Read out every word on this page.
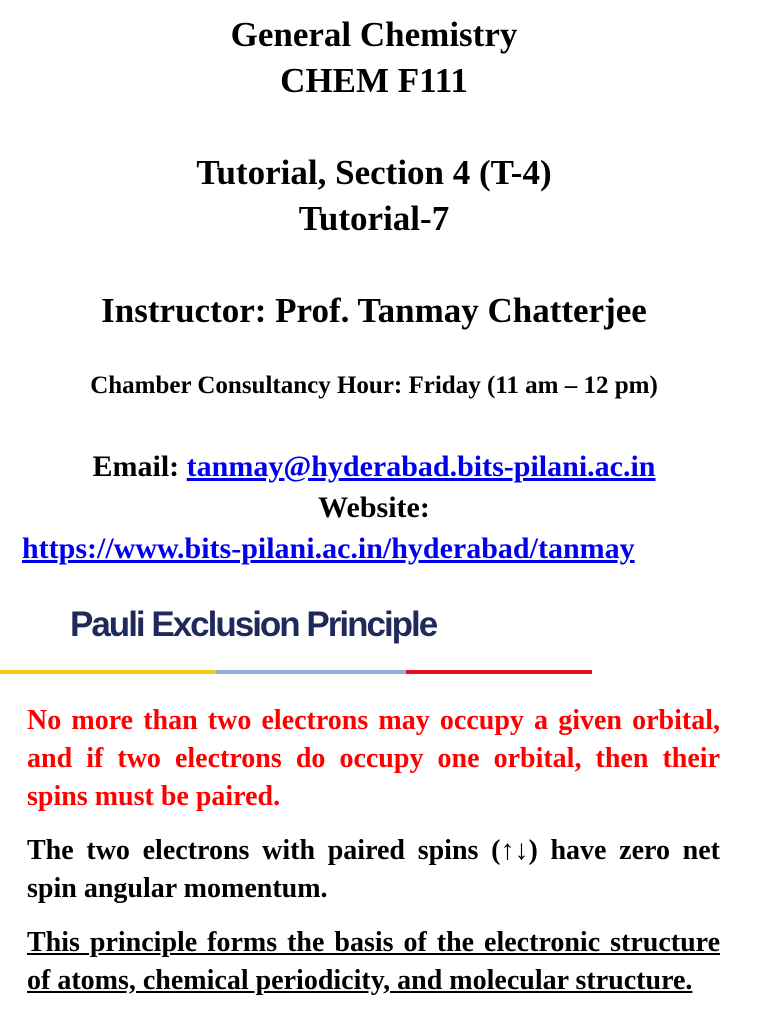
General Chemistry
CHEM F111
Tutorial, Section 4 (T-4)
Tutorial-7
Instructor: Prof. Tanmay Chatterjee
Chamber Consultancy Hour: Friday (11 am – 12 pm)
Email: tanmay@hyderabad.bits-pilani.ac.in
Website:
https://www.bits-pilani.ac.in/hyderabad/tanmay
Pauli Exclusion Principle
No more than two electrons may occupy a given orbital, and if two electrons do occupy one orbital, then their spins must be paired.
The two electrons with paired spins (↑↓) have zero net spin angular momentum.
This principle forms the basis of the electronic structure of atoms, chemical periodicity, and molecular structure.
